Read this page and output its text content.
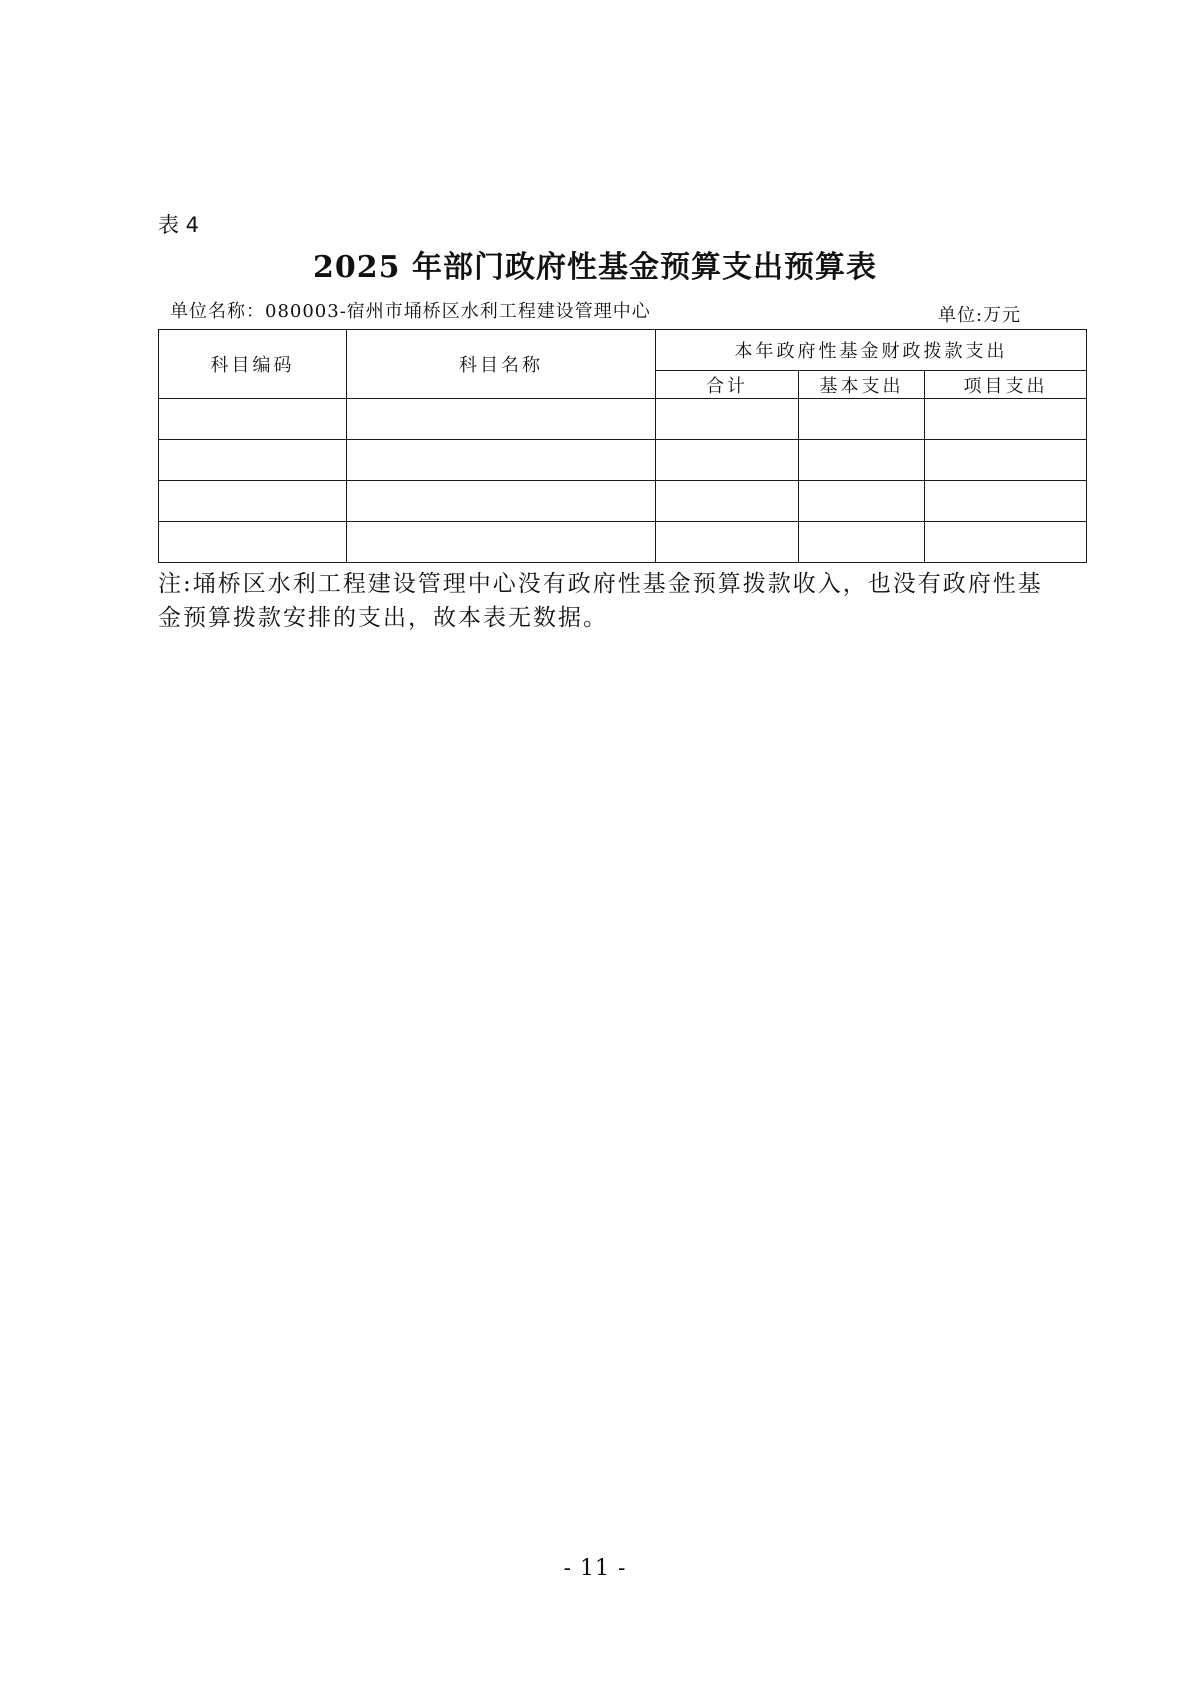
表 4
2025 年部门政府性基金预算支出预算表
单位名称：080003-宿州市埇桥区水利工程建设管理中心	单位:万元
科目编码	科目名称	本年政府性基金财政拨款支出		
		合计	基本支出	项目支出

注:埇桥区水利工程建设管理中心没有政府性基金预算拨款收入，也没有政府性基金预算拨款安排的支出，故本表无数据。
- 11 -
